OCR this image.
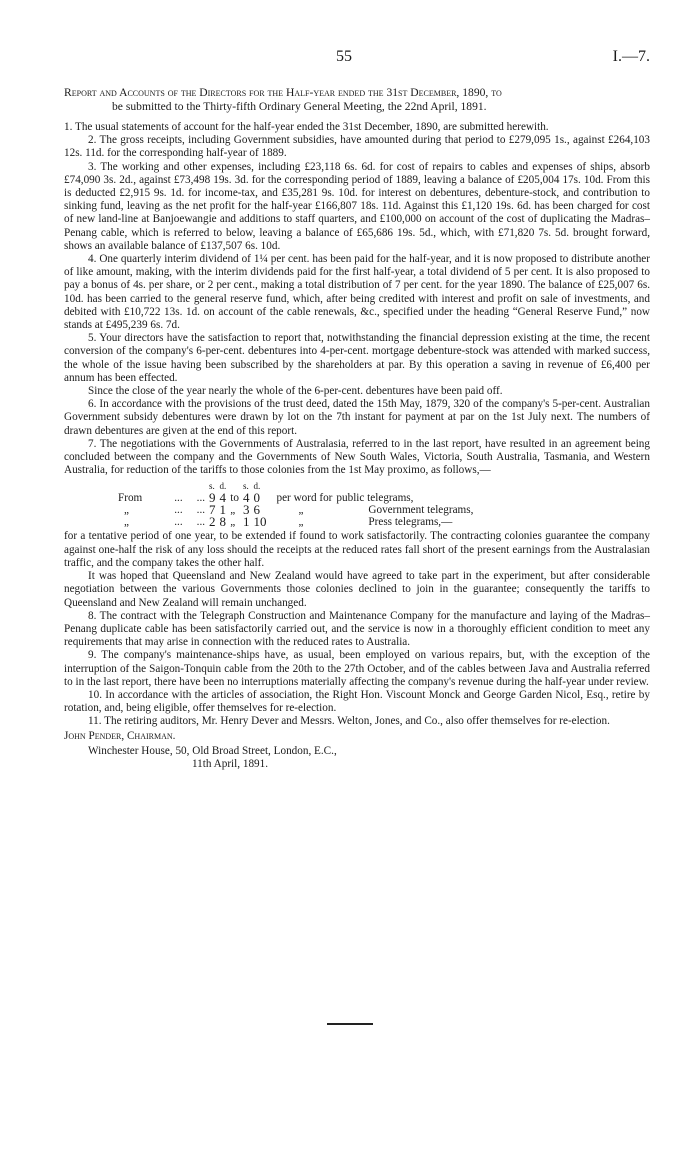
55	I.—7.
Report and Accounts of the Directors for the Half-year ended the 31st December, 1890, to
be submitted to the Thirty-fifth Ordinary General Meeting, the 22nd April, 1891.

1. The usual statements of account for the half-year ended the 31st December, 1890, are submitted herewith.

2. The gross receipts, including Government subsidies, have amounted during that period to £279,095 1s., against £264,103 12s. 11d. for the corresponding half-year of 1889.

3. The working and other expenses, including £23,118 6s. 6d. for cost of repairs to cables and expenses of ships, absorb £74,090 3s. 2d., against £73,498 19s. 3d. for the corresponding period of 1889, leaving a balance of £205,004 17s. 10d. From this is deducted £2,915 9s. 1d. for income-tax, and £35,281 9s. 10d. for interest on debentures, debenture-stock, and contribution to sinking fund, leaving as the net profit for the half-year £166,807 18s. 11d. Against this £1,120 19s. 6d. has been charged for cost of new land-line at Banjoewangie and additions to staff quarters, and £100,000 on account of the cost of duplicating the Madras–Penang cable, which is referred to below, leaving a balance of £65,686 19s. 5d., which, with £71,820 7s. 5d. brought forward, shows an available balance of £137,507 6s. 10d.

4. One quarterly interim dividend of 1¼ per cent. has been paid for the half-year, and it is now proposed to distribute another of like amount, making, with the interim dividends paid for the first half-year, a total dividend of 5 per cent. It is also proposed to pay a bonus of 4s. per share, or 2 per cent., making a total distribution of 7 per cent. for the year 1890. The balance of £25,007 6s. 10d. has been carried to the general reserve fund, which, after being credited with interest and profit on sale of investments, and debited with £10,722 13s. 1d. on account of the cable renewals, &c., specified under the heading “General Reserve Fund,” now stands at £495,239 6s. 7d.

5. Your directors have the satisfaction to report that, notwithstanding the financial depression existing at the time, the recent conversion of the company's 6-per-cent. debentures into 4-per-cent. mortgage debenture-stock was attended with marked success, the whole of the issue having been subscribed by the shareholders at par. By this operation a saving in revenue of £6,400 per annum has been effected.

Since the close of the year nearly the whole of the 6-per-cent. debentures have been paid off.

6. In accordance with the provisions of the trust deed, dated the 15th May, 1879, 320 of the company's 5-per-cent. Australian Government subsidy debentures were drawn by lot on the 7th instant for payment at par on the 1st July next. The numbers of drawn debentures are given at the end of this report.

7. The negotiations with the Governments of Australasia, referred to in the last report, have resulted in an agreement being concluded between the company and the Governments of New South Wales, Victoria, South Australia, Tasmania, and Western Australia, for reduction of the tariffs to those colonies from the 1st May proximo, as follows,—

			s.	d.		s.	d.		
From	...	...	9	4	to	4	0	per word for	public telegrams,
„	...	...	7	1	„	3	6	„	Government telegrams,
„	...	...	2	8	„	1	10	„	Press telegrams,—

for a tentative period of one year, to be extended if found to work satisfactorily. The contracting colonies guarantee the company against one-half the risk of any loss should the receipts at the reduced rates fall short of the present earnings from the Australasian traffic, and the company takes the other half.

It was hoped that Queensland and New Zealand would have agreed to take part in the experiment, but after considerable negotiation between the various Governments those colonies declined to join in the guarantee; consequently the tariffs to Queensland and New Zealand will remain unchanged.

8. The contract with the Telegraph Construction and Maintenance Company for the manufacture and laying of the Madras–Penang duplicate cable has been satisfactorily carried out, and the service is now in a thoroughly efficient condition to meet any requirements that may arise in connection with the reduced rates to Australia.

9. The company's maintenance-ships have, as usual, been employed on various repairs, but, with the exception of the interruption of the Saigon-Tonquin cable from the 20th to the 27th October, and of the cables between Java and Australia referred to in the last report, there have been no interruptions materially affecting the company's revenue during the half-year under review.

10. In accordance with the articles of association, the Right Hon. Viscount Monck and George Garden Nicol, Esq., retire by rotation, and, being eligible, offer themselves for re-election.

11. The retiring auditors, Mr. Henry Dever and Messrs. Welton, Jones, and Co., also offer themselves for re-election.

John Pender, Chairman.

Winchester House, 50, Old Broad Street, London, E.C.,

11th April, 1891.
